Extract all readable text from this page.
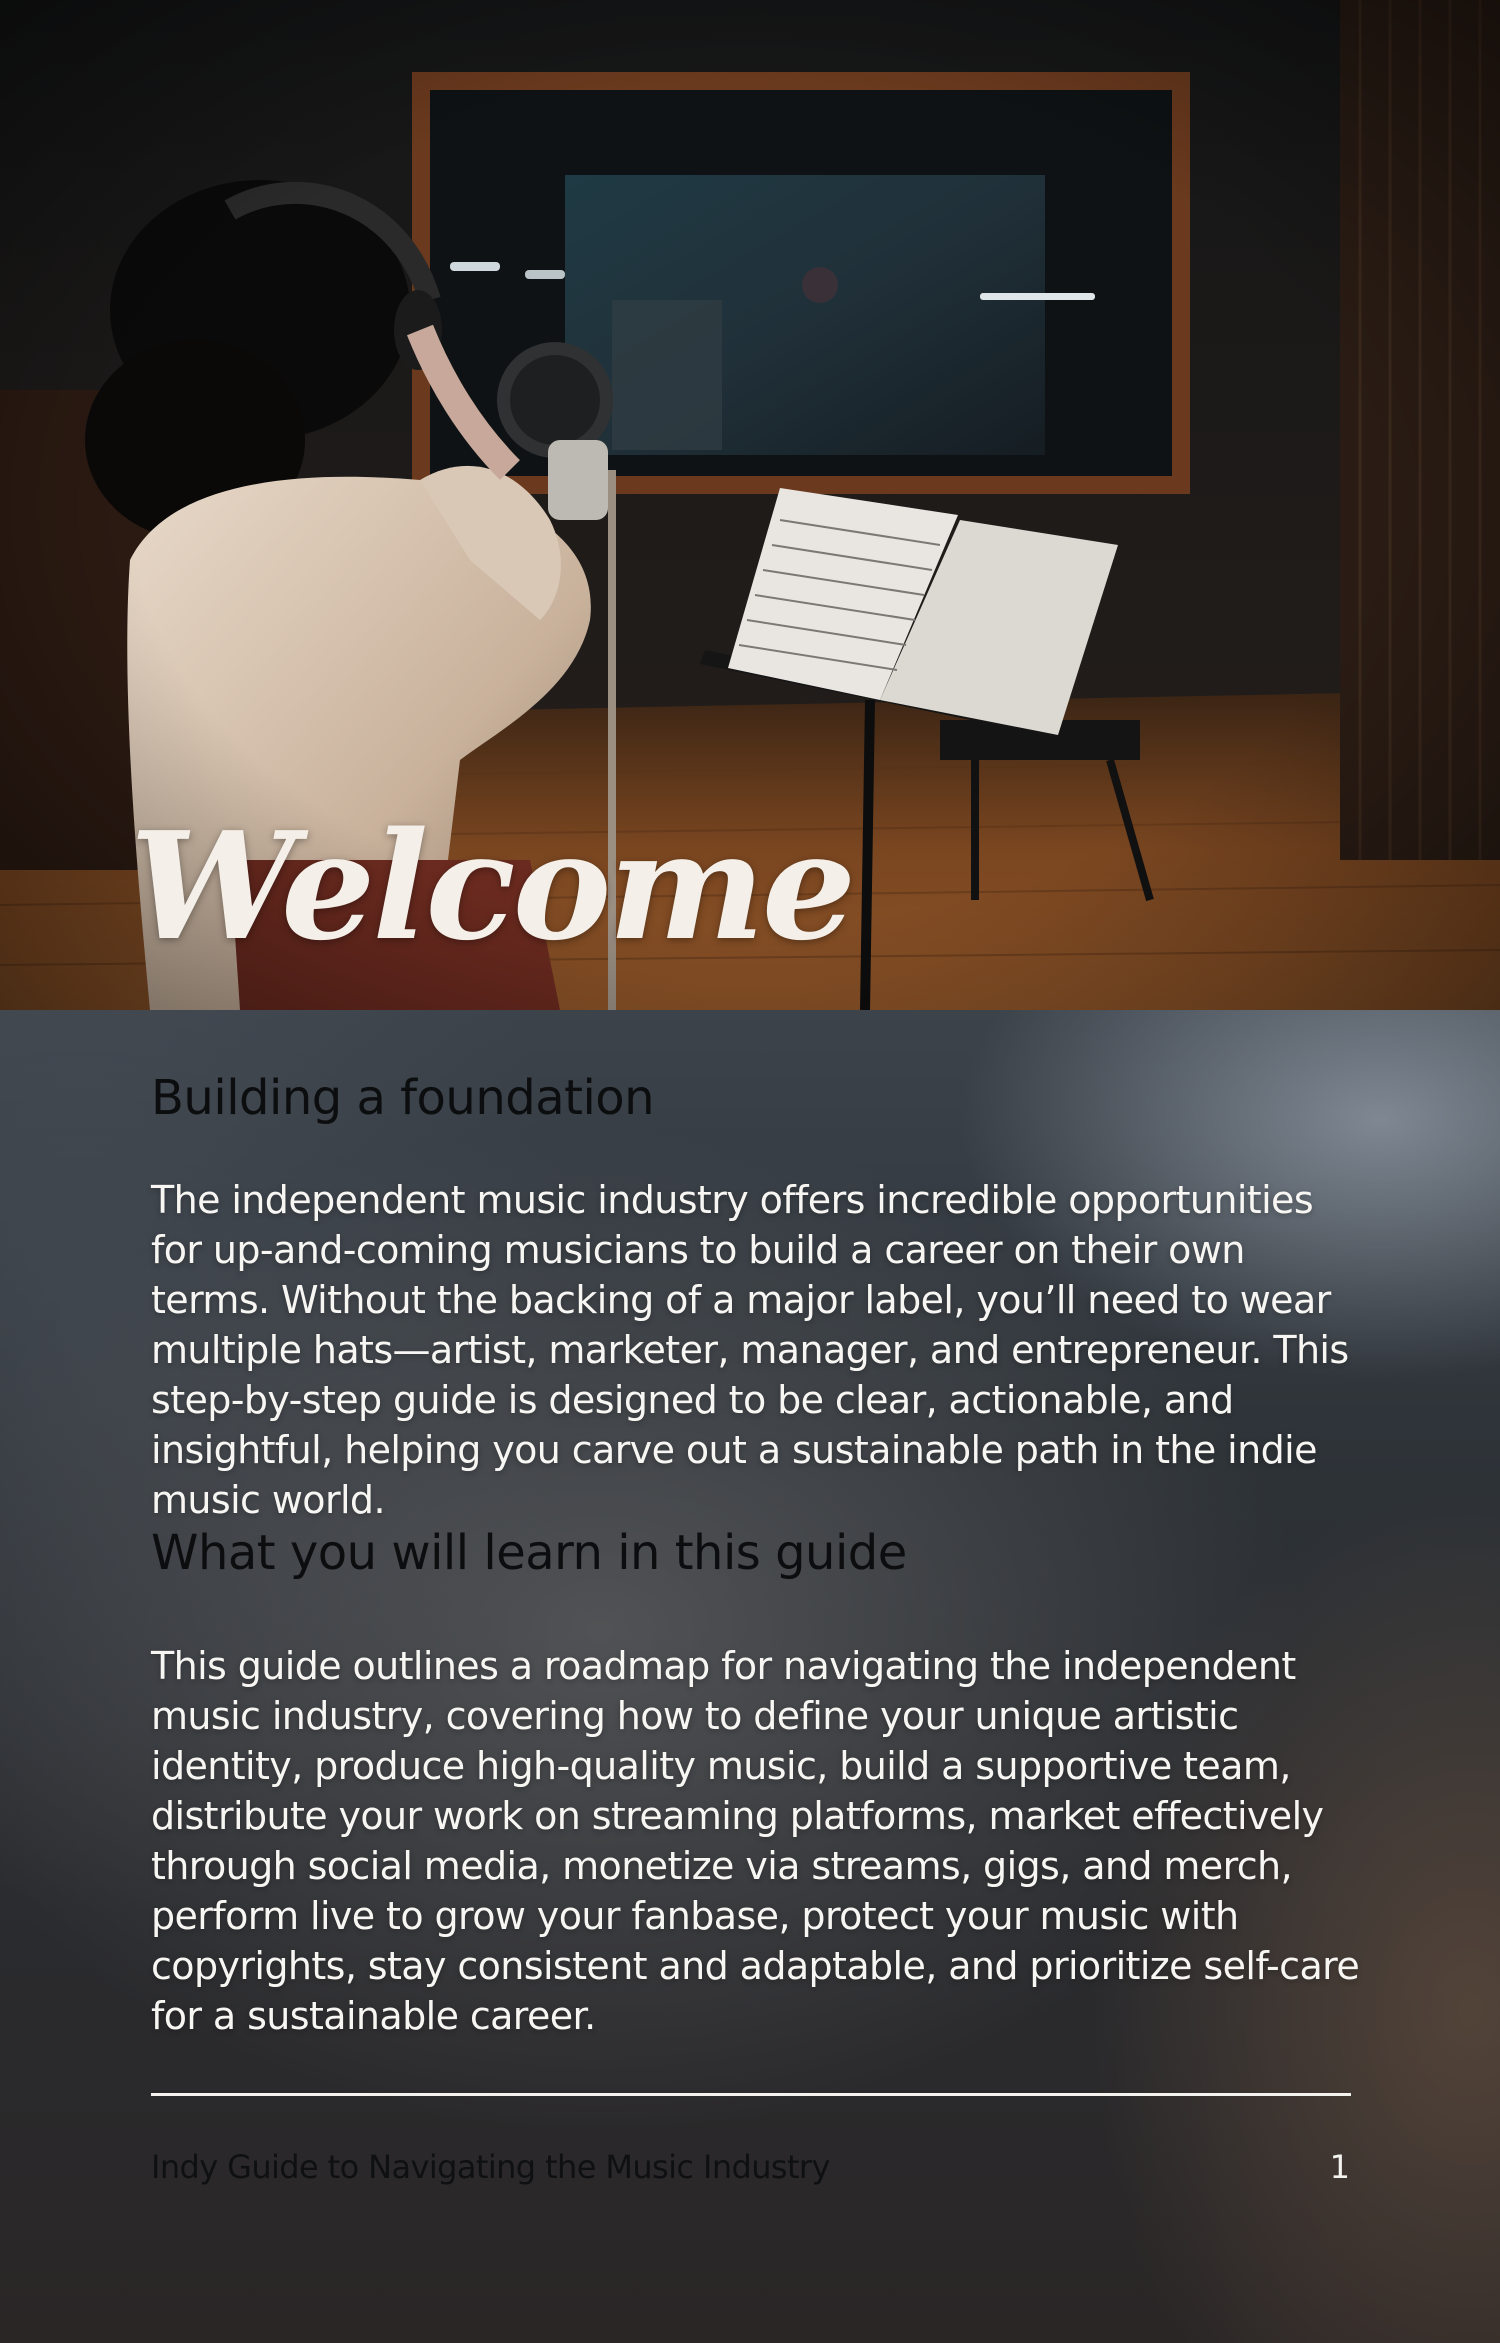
Welcome
Building a foundation

The independent music industry offers incredible opportunities for up-and-coming musicians to build a career on their own terms. Without the backing of a major label, you’ll need to wear multiple hats—artist, marketer, manager, and entrepreneur. This step-by-step guide is designed to be clear, actionable, and insightful, helping you carve out a sustainable path in the indie music world.

What you will learn in this guide

This guide outlines a roadmap for navigating the independent music industry, covering how to define your unique artistic identity, produce high-quality music, build a supportive team, distribute your work on streaming platforms, market effectively through social media, monetize via streams, gigs, and merch, perform live to grow your fanbase, protect your music with copyrights, stay consistent and adaptable, and prioritize self-care for a sustainable career.

Indy Guide to Navigating the Music Industry	1
